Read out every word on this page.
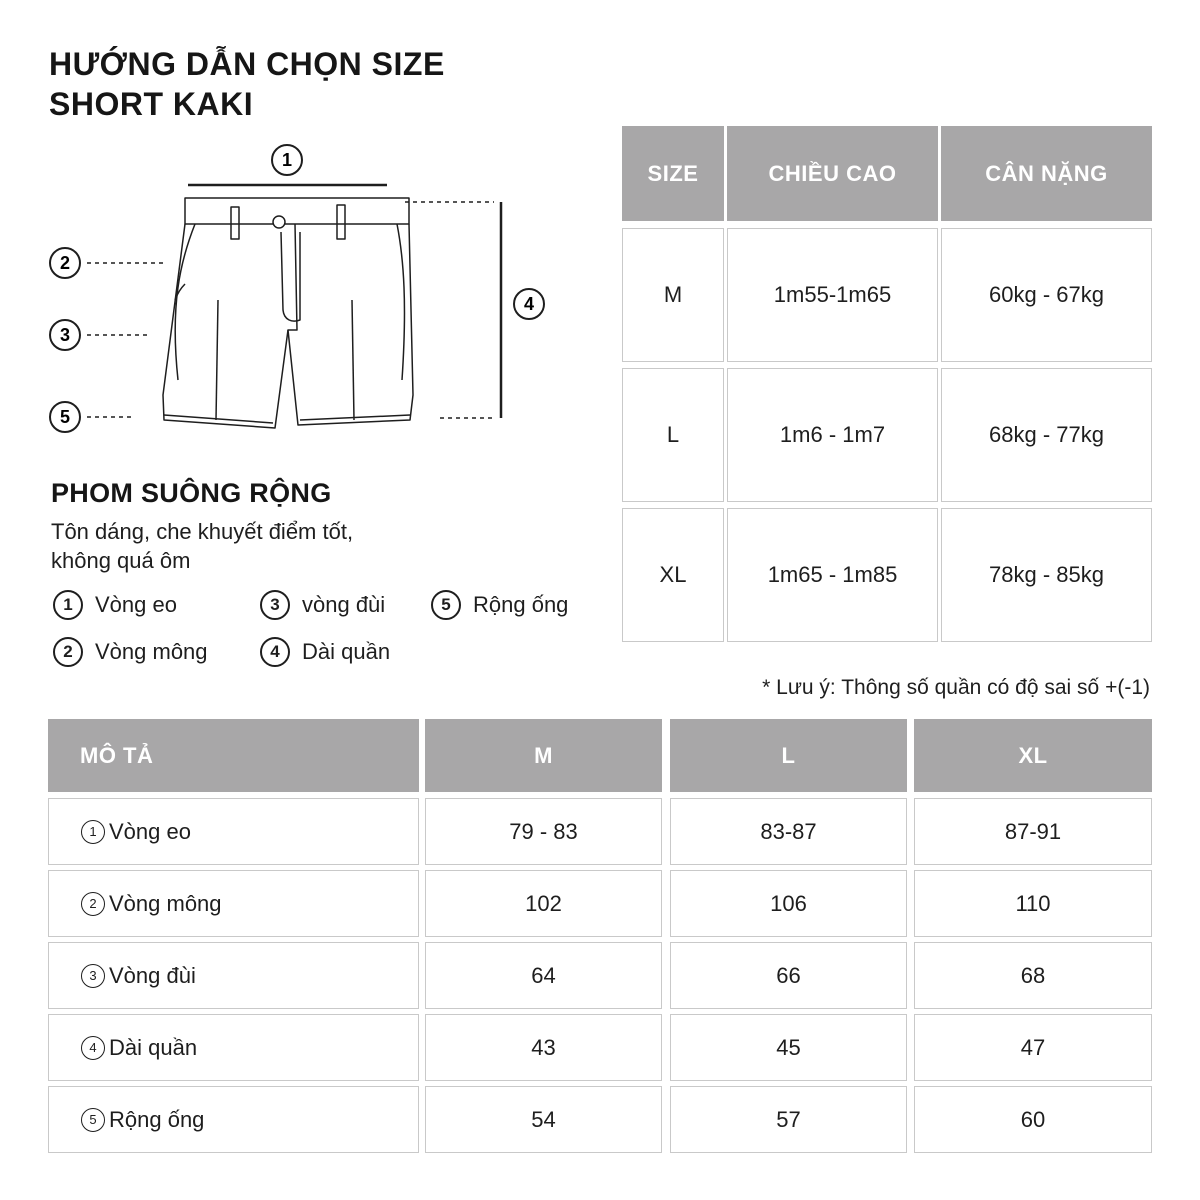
HƯỚNG DẪN CHỌN SIZE
SHORT KAKI
1
2
3
4
5
SIZE	CHIỀU CAO	CÂN NẶNG
M	1m55-1m65	60kg - 67kg
L	1m6 - 1m7	68kg - 77kg
XL	1m65 - 1m85	78kg - 85kg
PHOM SUÔNG RỘNG
Tôn dáng, che khuyết điểm tốt,
không quá ôm
1	Vòng eo	3	vòng đùi	5	Rộng ống
2	Vòng mông	4	Dài quần
* Lưu ý: Thông số quần có độ sai số +(-1)
MÔ TẢ	M	L	XL
1 Vòng eo	79 - 83	83-87	87-91
2 Vòng mông	102	106	110
3 Vòng đùi	64	66	68
4 Dài quần	43	45	47
5 Rộng ống	54	57	60
